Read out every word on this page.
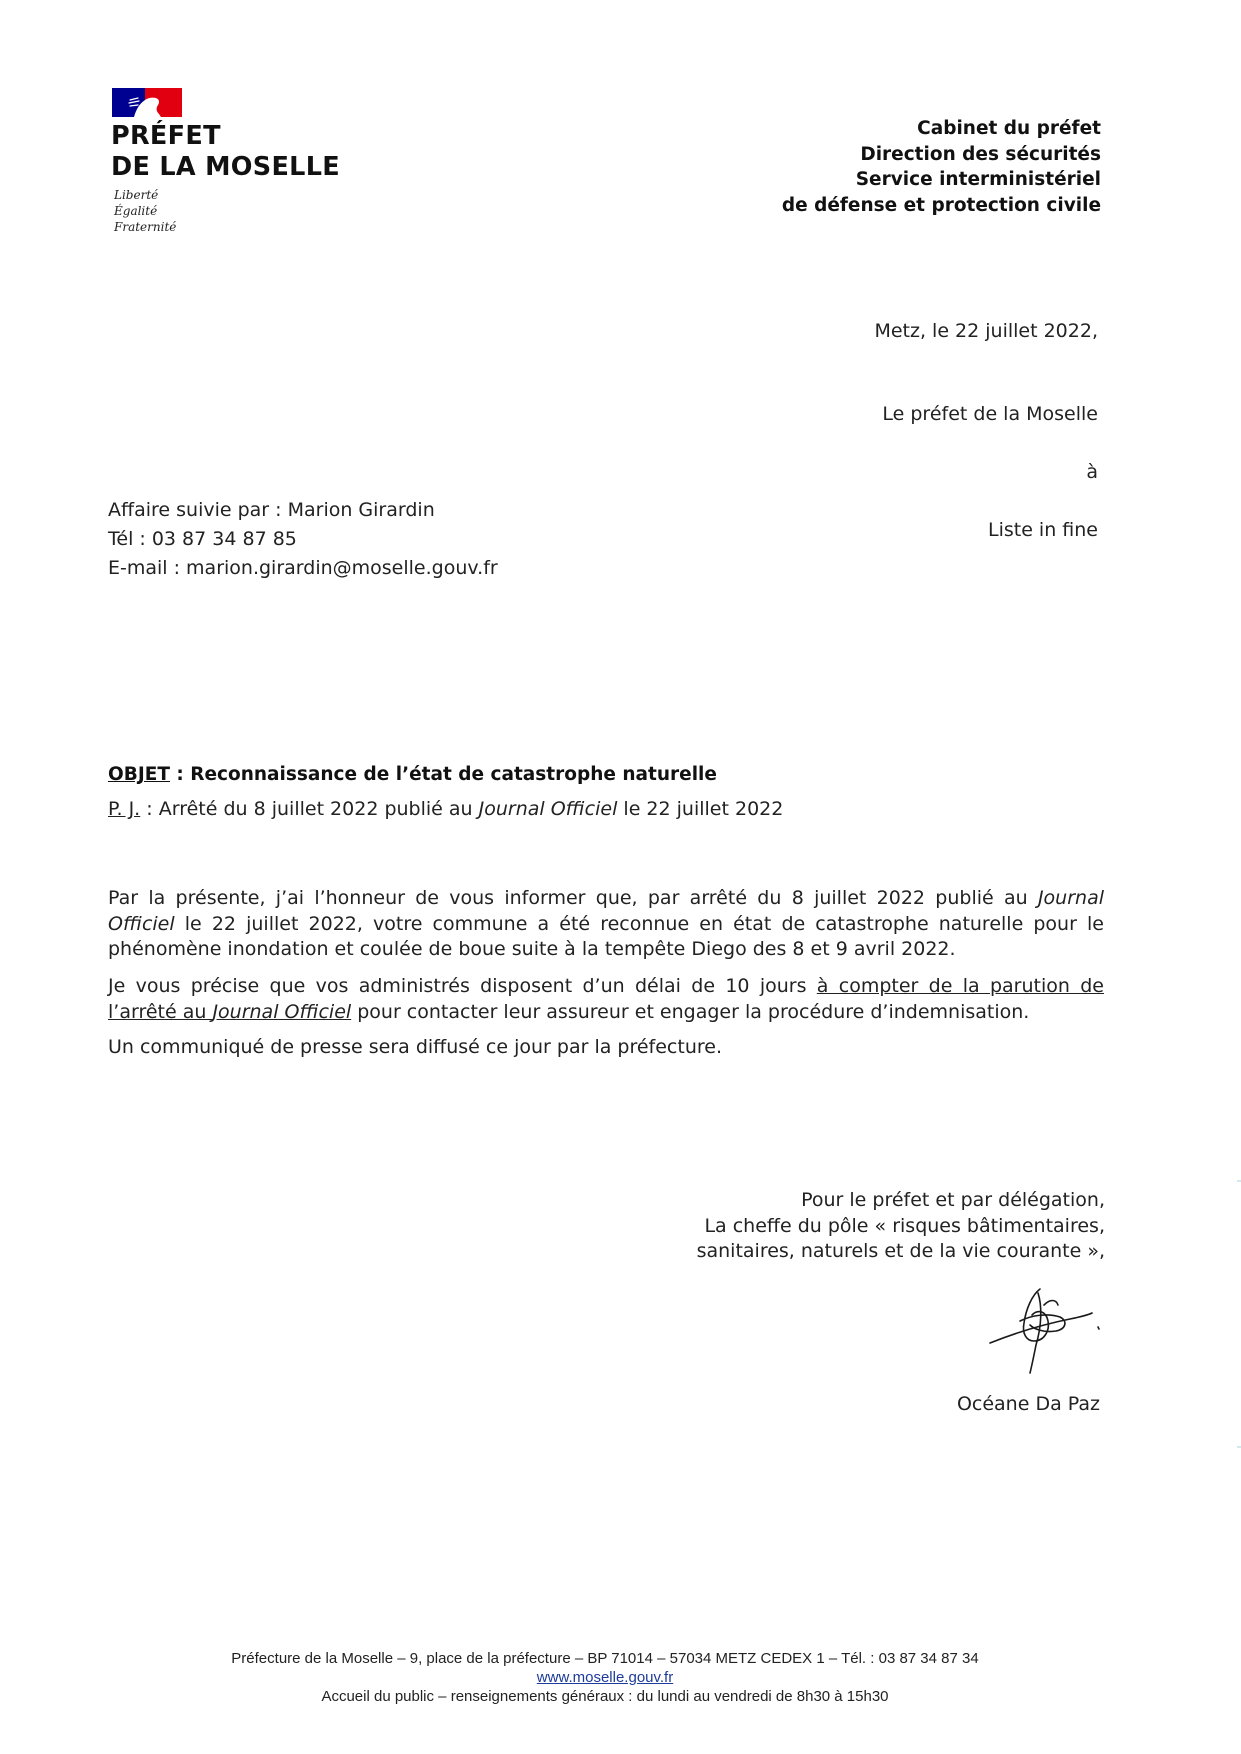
PRÉFET
DE LA MOSELLE
Liberté
Égalité
Fraternité
Cabinet du préfet
Direction des sécurités
Service interministériel
de défense et protection civile
Metz, le 22 juillet 2022,
Le préfet de la Moselle
à
Liste in fine
Affaire suivie par : Marion Girardin
Tél : 03 87 34 87 85
E-mail : marion.girardin@moselle.gouv.fr
OBJET : Reconnaissance de l’état de catastrophe naturelle
P. J. : Arrêté du 8 juillet 2022 publié au Journal Officiel le 22 juillet 2022
Par la présente, j’ai l’honneur de vous informer que, par arrêté du 8 juillet 2022 publié au Journal Officiel le 22 juillet 2022, votre commune a été reconnue en état de catastrophe naturelle pour le phénomène inondation et coulée de boue suite à la tempête Diego des 8 et 9 avril 2022.
Je vous précise que vos administrés disposent d’un délai de 10 jours à compter de la parution de l’arrêté au Journal Officiel pour contacter leur assureur et engager la procédure d’indemnisation.
Un communiqué de presse sera diffusé ce jour par la préfecture.
Pour le préfet et par délégation,
La cheffe du pôle « risques bâtimentaires,
sanitaires, naturels et de la vie courante »,
Océane Da Paz
Préfecture de la Moselle – 9, place de la préfecture – BP 71014 – 57034 METZ CEDEX 1 – Tél. : 03 87 34 87 34
www.moselle.gouv.fr
Accueil du public – renseignements généraux : du lundi au vendredi de 8h30 à 15h30
